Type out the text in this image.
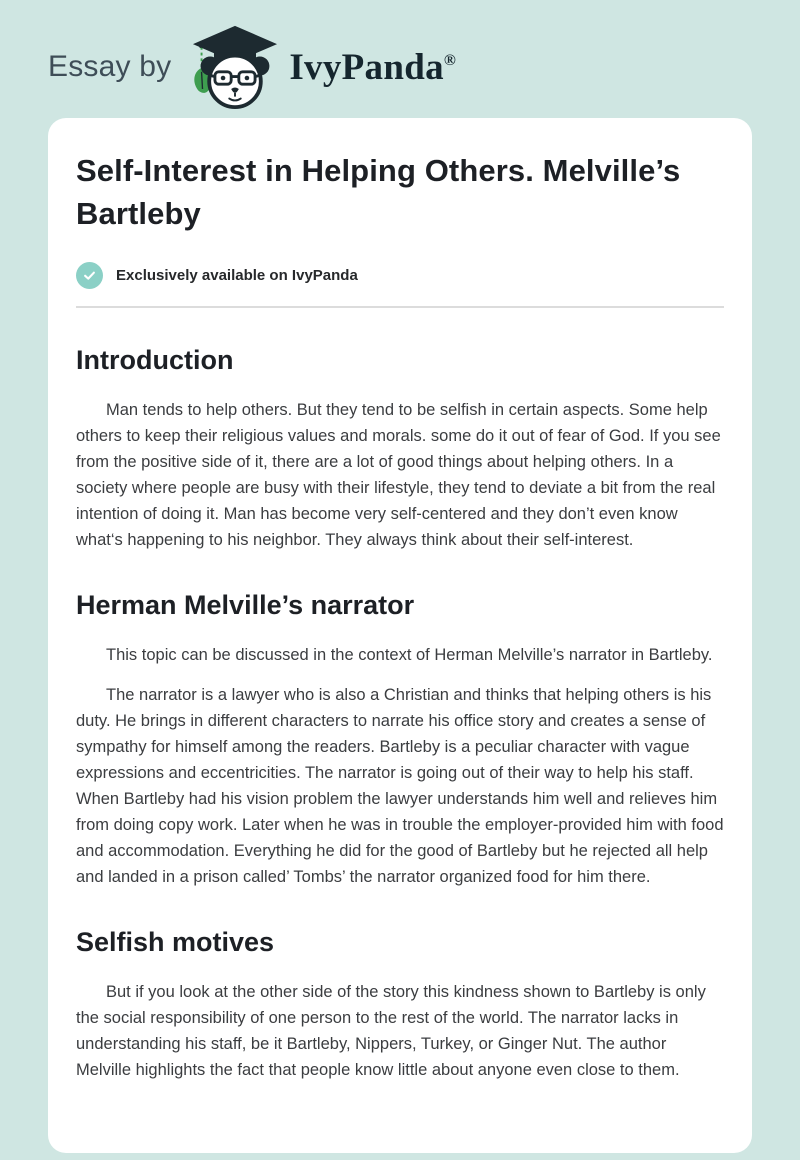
Essay by	IvyPanda®
Self-Interest in Helping Others. Melville’s Bartleby
Exclusively available on IvyPanda
Introduction

Man tends to help others. But they tend to be selfish in certain aspects. Some help others to keep their religious values and morals. some do it out of fear of God. If you see from the positive side of it, there are a lot of good things about helping others. In a society where people are busy with their lifestyle, they tend to deviate a bit from the real intention of doing it. Man has become very self-centered and they don’t even know what‘s happening to his neighbor. They always think about their self-interest.

Herman Melville’s narrator

This topic can be discussed in the context of Herman Melville’s narrator in Bartleby.

The narrator is a lawyer who is also a Christian and thinks that helping others is his duty. He brings in different characters to narrate his office story and creates a sense of sympathy for himself among the readers. Bartleby is a peculiar character with vague expressions and eccentricities. The narrator is going out of their way to help his staff. When Bartleby had his vision problem the lawyer understands him well and relieves him from doing copy work. Later when he was in trouble the employer-provided him with food and accommodation. Everything he did for the good of Bartleby but he rejected all help and landed in a prison called’ Tombs’ the narrator organized food for him there.

Selfish motives

But if you look at the other side of the story this kindness shown to Bartleby is only the social responsibility of one person to the rest of the world. The narrator lacks in understanding his staff, be it Bartleby, Nippers, Turkey, or Ginger Nut. The author Melville highlights the fact that people know little about anyone even close to them.
